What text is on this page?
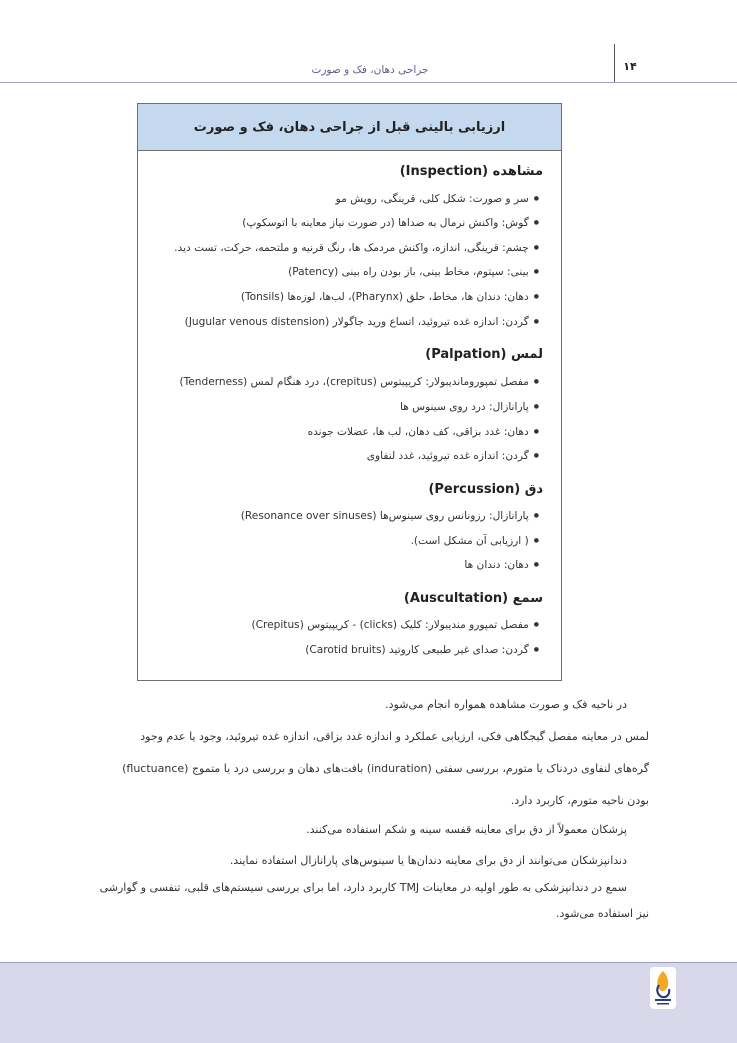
جراحی دهان، فک و صورت	۱۴
ارزیابی بالینی قبل از جراحی دهان، فک و صورت
مشاهده (Inspection)
● سر و صورت: شکل کلی، قرینگی، رویش مو
● گوش: واکنش نرمال به صداها (در صورت نیاز معاینه با اتوسکوپ)
● چشم: قرینگی، اندازه، واکنش مردمک ها، رنگ قرنیه و ملتحمه، حرکت، تست دید.
● بینی: سپتوم، مخاط بینی، باز بودن راه بینی (Patency)
● دهان: دندان ها، مخاط، حلق (Pharynx)، لب‌ها، لوزه‌ها (Tonsils)
● گردن: اندازه غده تیروئید، اتساع ورید جاگولار (Jugular venous distension)
لمس (Palpation)
● مفصل تمپوروماندیبولار: کریپیتوس (crepitus)، درد هنگام لمس (Tenderness)
● پارانازال: درد روی سینوس ها
● دهان: غدد بزاقی، کف دهان، لب ها، عضلات جونده
● گردن: اندازه غده تیروئید، غدد لنفاوی
دق (Percussion)
● پارانازال: رزونانس روی سینوس‌ها (Resonance over sinuses)
● ( ارزیابی آن مشکل است).
● دهان: دندان ها
سمع (Auscultation)
● مفصل تمپورو مندیبولار: کلیک (clicks) - کریپیتوس (Crepitus)
● گردن: صدای غیر طبیعی کاروتید (Carotid bruits)
در ناحیه فک و صورت مشاهده همواره انجام می‌شود.
لمس در معاینه مفصل گیجگاهی فکی، ارزیابی عملکرد و اندازه غدد بزاقی، اندازه غده تیروئید، وجود یا عدم وجود
گره‌های لنفاوی دردناک یا متورم، بررسی سفتی (induration) بافت‌های دهان و بررسی درد یا متموج (fluctuance)
بودن ناحیه متورم، کاربرد دارد.
پزشکان معمولاً از دق برای معاینه قفسه سینه و شکم استفاده می‌کنند.
دندانپزشکان می‌توانند از دق برای معاینه دندان‌ها یا سینوس‌های پارانازال استفاده نمایند.
سمع در دندانپزشکی به طور اولیه در معاینات TMJ کاربرد دارد، اما برای بررسی سیستم‌های قلبی، تنفسی و گوارشی
نیز استفاده می‌شود.
